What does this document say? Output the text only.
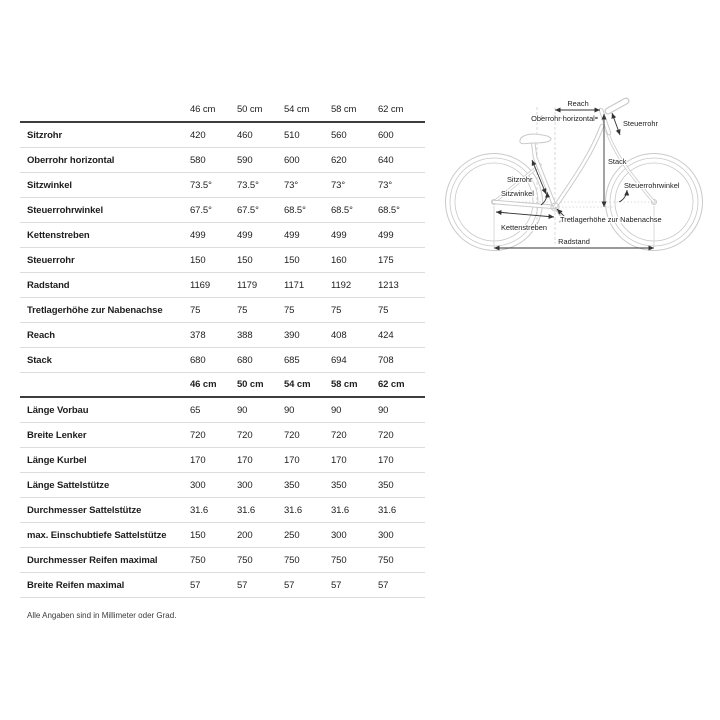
46 cm	50 cm	54 cm	58 cm	62 cm
Sitzrohr	420	460	510	560	600
Oberrohr horizontal	580	590	600	620	640
Sitzwinkel	73.5°	73.5°	73°	73°	73°
Steuerrohrwinkel	67.5°	67.5°	68.5°	68.5°	68.5°
Kettenstreben	499	499	499	499	499
Steuerrohr	150	150	150	160	175
Radstand	1169	1179	1171	1192	1213
Tretlagerhöhe zur Nabenachse	75	75	75	75	75
Reach	378	388	390	408	424
Stack	680	680	685	694	708
46 cm	50 cm	54 cm	58 cm	62 cm
Länge Vorbau	65	90	90	90	90
Breite Lenker	720	720	720	720	720
Länge Kurbel	170	170	170	170	170
Länge Sattelstütze	300	300	350	350	350
Durchmesser Sattelstütze	31.6	31.6	31.6	31.6	31.6
max. Einschubtiefe Sattelstütze	150	200	250	300	300
Durchmesser Reifen maximal	750	750	750	750	750
Breite Reifen maximal	57	57	57	57	57
Alle Angaben sind in Millimeter oder Grad.
Reach
Oberrohr horizontal
Steuerrohr
Stack
Sitzrohr
Sitzwinkel
Steuerrohrwinkel
Kettenstreben
Tretlagerhöhe zur Nabenachse
Radstand
